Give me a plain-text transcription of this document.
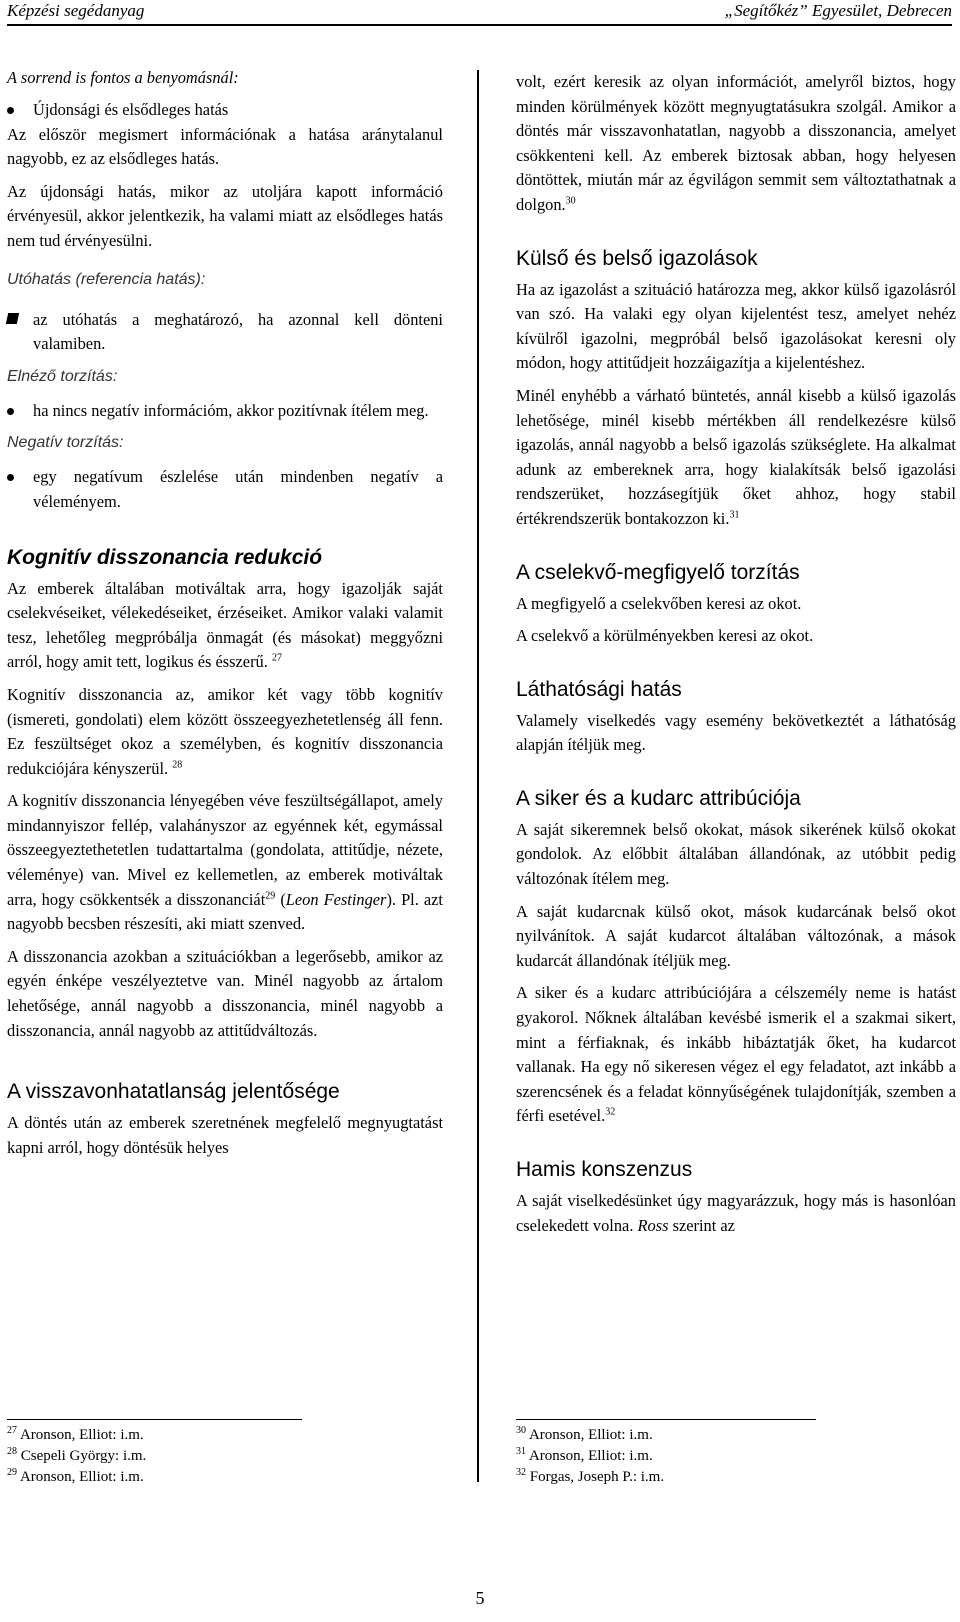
Képzési segédanyag	„Segítőkéz” Egyesület, Debrecen
A sorrend is fontos a benyomásnál:
Újdonsági és elsődleges hatás

Az először megismert információnak a hatása aránytalanul nagyobb, ez az elsődleges hatás.

Az újdonsági hatás, mikor az utoljára kapott információ érvényesül, akkor jelentkezik, ha valami miatt az elsődleges hatás nem tud érvényesülni.

Utóhatás (referencia hatás):
az utóhatás a meghatározó, ha azonnal kell dönteni valamiben.
Elnéző torzítás:
ha nincs negatív információm, akkor pozitívnak ítélem meg.
Negatív torzítás:
egy negatívum észlelése után mindenben negatív a véleményem.
Kognitív disszonancia redukció

Az emberek általában motiváltak arra, hogy igazolják saját cselekvéseiket, vélekedéseiket, érzéseiket. Amikor valaki valamit tesz, lehetőleg megpróbálja önmagát (és másokat) meggyőzni arról, hogy amit tett, logikus és ésszerű. $^{27}$

Kognitív disszonancia az, amikor két vagy több kognitív (ismereti, gondolati) elem között összeegyezhetetlenség áll fenn. Ez feszültséget okoz a személyben, és kognitív disszonancia redukciójára kényszerül. $^{28}$

A kognitív disszonancia lényegében véve feszültségállapot, amely mindannyiszor fellép, valahányszor az egyénnek két, egymással összeegyeztethetetlen tudattartalma (gondolata, attitűdje, nézete, véleménye) van. Mivel ez kellemetlen, az emberek motiváltak arra, hogy csökkentsék a disszonanciát$^{29}$ (Leon Festinger). Pl. azt nagyobb becsben részesíti, aki miatt szenved.

A disszonancia azokban a szituációkban a legerősebb, amikor az egyén énképe veszélyeztetve van. Minél nagyobb az ártalom lehetősége, annál nagyobb a disszonancia, minél nagyobb a disszonancia, annál nagyobb az attitűdváltozás.

A visszavonhatatlanság jelentősége

A döntés után az emberek szeretnének megfelelő megnyugtatást kapni arról, hogy döntésük helyes

volt, ezért keresik az olyan információt, amelyről biztos, hogy minden körülmények között megnyugtatásukra szolgál. Amikor a döntés már visszavonhatatlan, nagyobb a disszonancia, amelyet csökkenteni kell. Az emberek biztosak abban, hogy helyesen döntöttek, miután már az égvilágon semmit sem változtathatnak a dolgon.$^{30}$

Külső és belső igazolások

Ha az igazolást a szituáció határozza meg, akkor külső igazolásról van szó. Ha valaki egy olyan kijelentést tesz, amelyet nehéz kívülről igazolni, megpróbál belső igazolásokat keresni oly módon, hogy attitűdjeit hozzáigazítja a kijelentéshez.

Minél enyhébb a várható büntetés, annál kisebb a külső igazolás lehetősége, minél kisebb mértékben áll rendelkezésre külső igazolás, annál nagyobb a belső igazolás szükséglete. Ha alkalmat adunk az embereknek arra, hogy kialakítsák belső igazolási rendszerüket, hozzásegítjük őket ahhoz, hogy stabil értékrendszerük bontakozzon ki.$^{31}$

A cselekvő-megfigyelő torzítás

A megfigyelő a cselekvőben keresi az okot.

A cselekvő a körülményekben keresi az okot.

Láthatósági hatás

Valamely viselkedés vagy esemény bekövetkeztét a láthatóság alapján ítéljük meg.

A siker és a kudarc attribúciója

A saját sikeremnek belső okokat, mások sikerének külső okokat gondolok. Az előbbit általában állandónak, az utóbbit pedig változónak ítélem meg.

A saját kudarcnak külső okot, mások kudarcának belső okot nyilvánítok. A saját kudarcot általában változónak, a mások kudarcát állandónak ítéljük meg.

A siker és a kudarc attribúciójára a célszemély neme is hatást gyakorol. Nőknek általában kevésbé ismerik el a szakmai sikert, mint a férfiaknak, és inkább hibáztatják őket, ha kudarcot vallanak. Ha egy nő sikeresen végez el egy feladatot, azt inkább a szerencsének és a feladat könnyűségének tulajdonítják, szemben a férfi esetével.$^{32}$

Hamis konszenzus

A saját viselkedésünket úgy magyarázzuk, hogy más is hasonlóan cselekedett volna. Ross szerint az

$^{27}$ Aronson, Elliot: i.m.
$^{28}$ Csepeli György: i.m.
$^{29}$ Aronson, Elliot: i.m.
$^{30}$ Aronson, Elliot: i.m.
$^{31}$ Aronson, Elliot: i.m.
$^{32}$ Forgas, Joseph P.: i.m.
5
